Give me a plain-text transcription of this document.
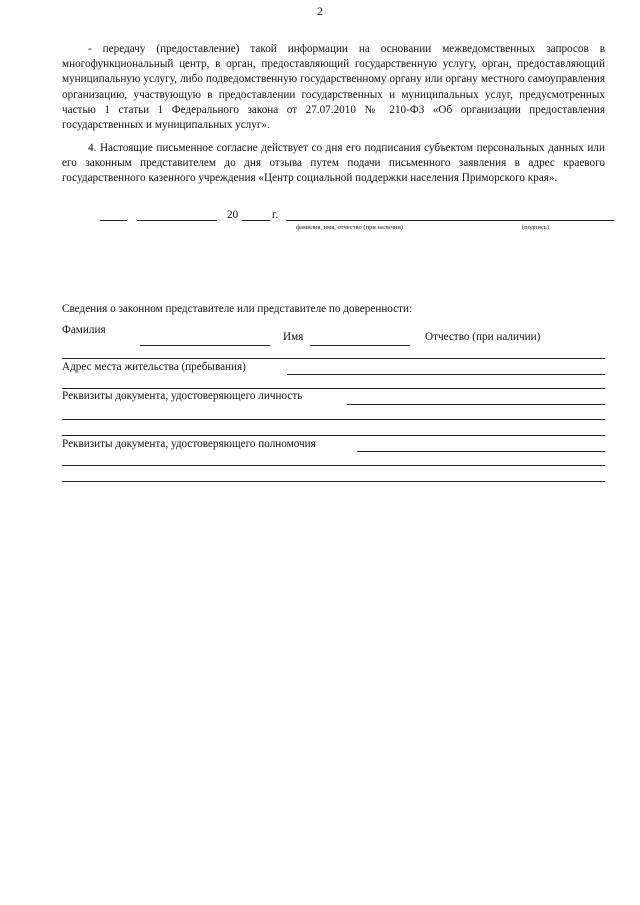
2
- передачу (предоставление) такой информации на основании межведомственных запросов в многофункциональный центр, в орган, предоставляющий государственную услугу, орган, предоставляющий муниципальную услугу, либо подведомственную государственному органу или органу местного самоуправления организацию, участвующую в предоставлении государственных и муниципальных услуг, предусмотренных частью 1 статьи 1 Федерального закона от 27.07.2010 № 210-ФЗ «Об организации предоставления государственных и муниципальных услуг».
4. Настоящие письменное согласие действует со дня его подписания субъектом персональных данных или его законным представителем до дня отзыва путем подачи письменного заявления в адрес краевого государственного казенного учреждения «Центр социальной поддержки населения Приморского края».
20	г.
фамилия, имя, отчество (при наличии)	(подпись)
Сведения о законном представителе или представителе по доверенности:
Фамилия
Имя	Отчество (при наличии)
Адрес места жительства (пребывания)
Реквизиты документа, удостоверяющего личность
Реквизиты документа, удостоверяющего полномочия
